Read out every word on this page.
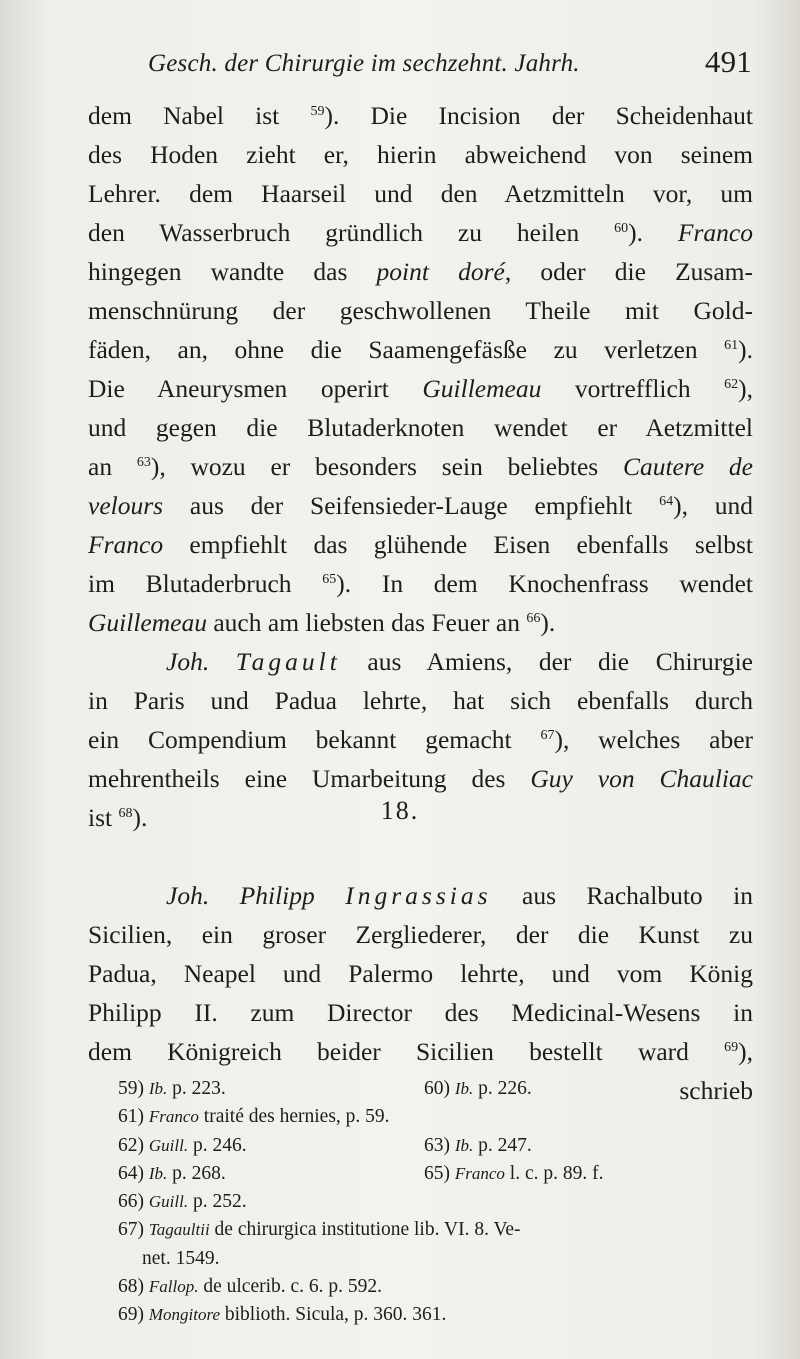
Gesch. der Chirurgie im sechzehnt. Jahrh.	491
dem Nabel ist $^{59}$). Die Incision der Scheidenhaut
des Hoden zieht er, hierin abweichend von seinem
Lehrer. dem Haarseil und den Aetzmitteln vor, um
den Wasserbruch gründlich zu heilen $^{60}$). Franco
hingegen wandte das point doré, oder die Zusam-
menschnürung der geschwollenen Theile mit Gold-
fäden, an, ohne die Saamengefäsße zu verletzen $^{61}$).
Die Aneurysmen operirt Guillemeau vortrefflich $^{62}$),
und gegen die Blutaderknoten wendet er Aetzmittel
an $^{63}$), wozu er besonders sein beliebtes Cautere de
velours aus der Seifensieder-Lauge empfiehlt $^{64}$), und
Franco empfiehlt das glühende Eisen ebenfalls selbst
im Blutaderbruch $^{65}$). In dem Knochenfrass wendet
Guillemeau auch am liebsten das Feuer an $^{66}$).
Joh. Tagault aus Amiens, der die Chirurgie
in Paris und Padua lehrte, hat sich ebenfalls durch
ein Compendium bekannt gemacht $^{67}$), welches aber
mehrentheils eine Umarbeitung des Guy von Chauliac
ist $^{68}$).
Joh. Philipp Ingrassias aus Rachalbuto in
Sicilien, ein groser Zergliederer, der die Kunst zu
Padua, Neapel und Palermo lehrte, und vom König
Philipp II. zum Director des Medicinal-Wesens in
dem Königreich beider Sicilien bestellt ward $^{69}$),
schrieb
18.
59) Ib. p. 223.	60) Ib. p. 226.
61) Franco traité des hernies, p. 59.
62) Guill. p. 246.	63) Ib. p. 247.
64) Ib. p. 268.	65) Franco l. c. p. 89. f.
66) Guill. p. 252.
67) Tagaultii de chirurgica institutione lib. VI. 8. Ve-
net. 1549.
68) Fallop. de ulcerib. c. 6. p. 592.
69) Mongitore biblioth. Sicula, p. 360. 361.
